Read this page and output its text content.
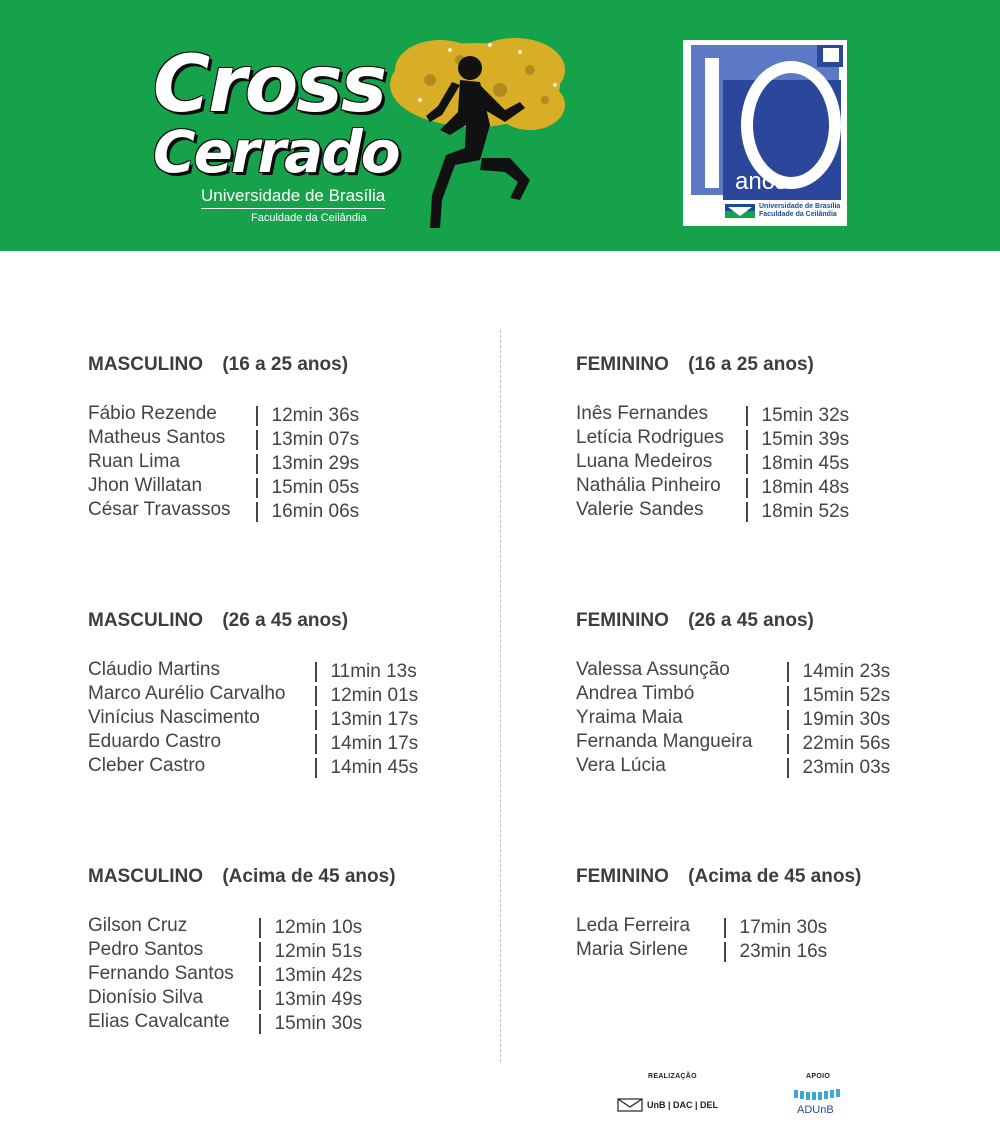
Cross
Cerrado
Universidade de Brasília
Faculdade da Ceilândia
anos
Universidade de Brasília
Faculdade da Ceilândia
MASCULINO (16 a 25 anos)
Fábio Rezende	12min 36s
Matheus Santos	13min 07s
Ruan Lima	13min 29s
Jhon Willatan	15min 05s
César Travassos	16min 06s
FEMININO (16 a 25 anos)
Inês Fernandes	15min 32s
Letícia Rodrigues	15min 39s
Luana Medeiros	18min 45s
Nathália Pinheiro	18min 48s
Valerie Sandes	18min 52s
MASCULINO (26 a 45 anos)
Cláudio Martins	11min 13s
Marco Aurélio Carvalho	12min 01s
Vinícius Nascimento	13min 17s
Eduardo Castro	14min 17s
Cleber Castro	14min 45s
FEMININO (26 a 45 anos)
Valessa Assunção	14min 23s
Andrea Timbó	15min 52s
Yraima Maia	19min 30s
Fernanda Mangueira	22min 56s
Vera Lúcia	23min 03s
MASCULINO (Acima de 45 anos)
Gilson Cruz	12min 10s
Pedro Santos	12min 51s
Fernando Santos	13min 42s
Dionísio Silva	13min 49s
Elias Cavalcante	15min 30s
FEMININO (Acima de 45 anos)
Leda Ferreira	17min 30s
Maria Sirlene	23min 16s
REALIZAÇÃO
UnB | DAC | DEL
APOIO
ADUnB
